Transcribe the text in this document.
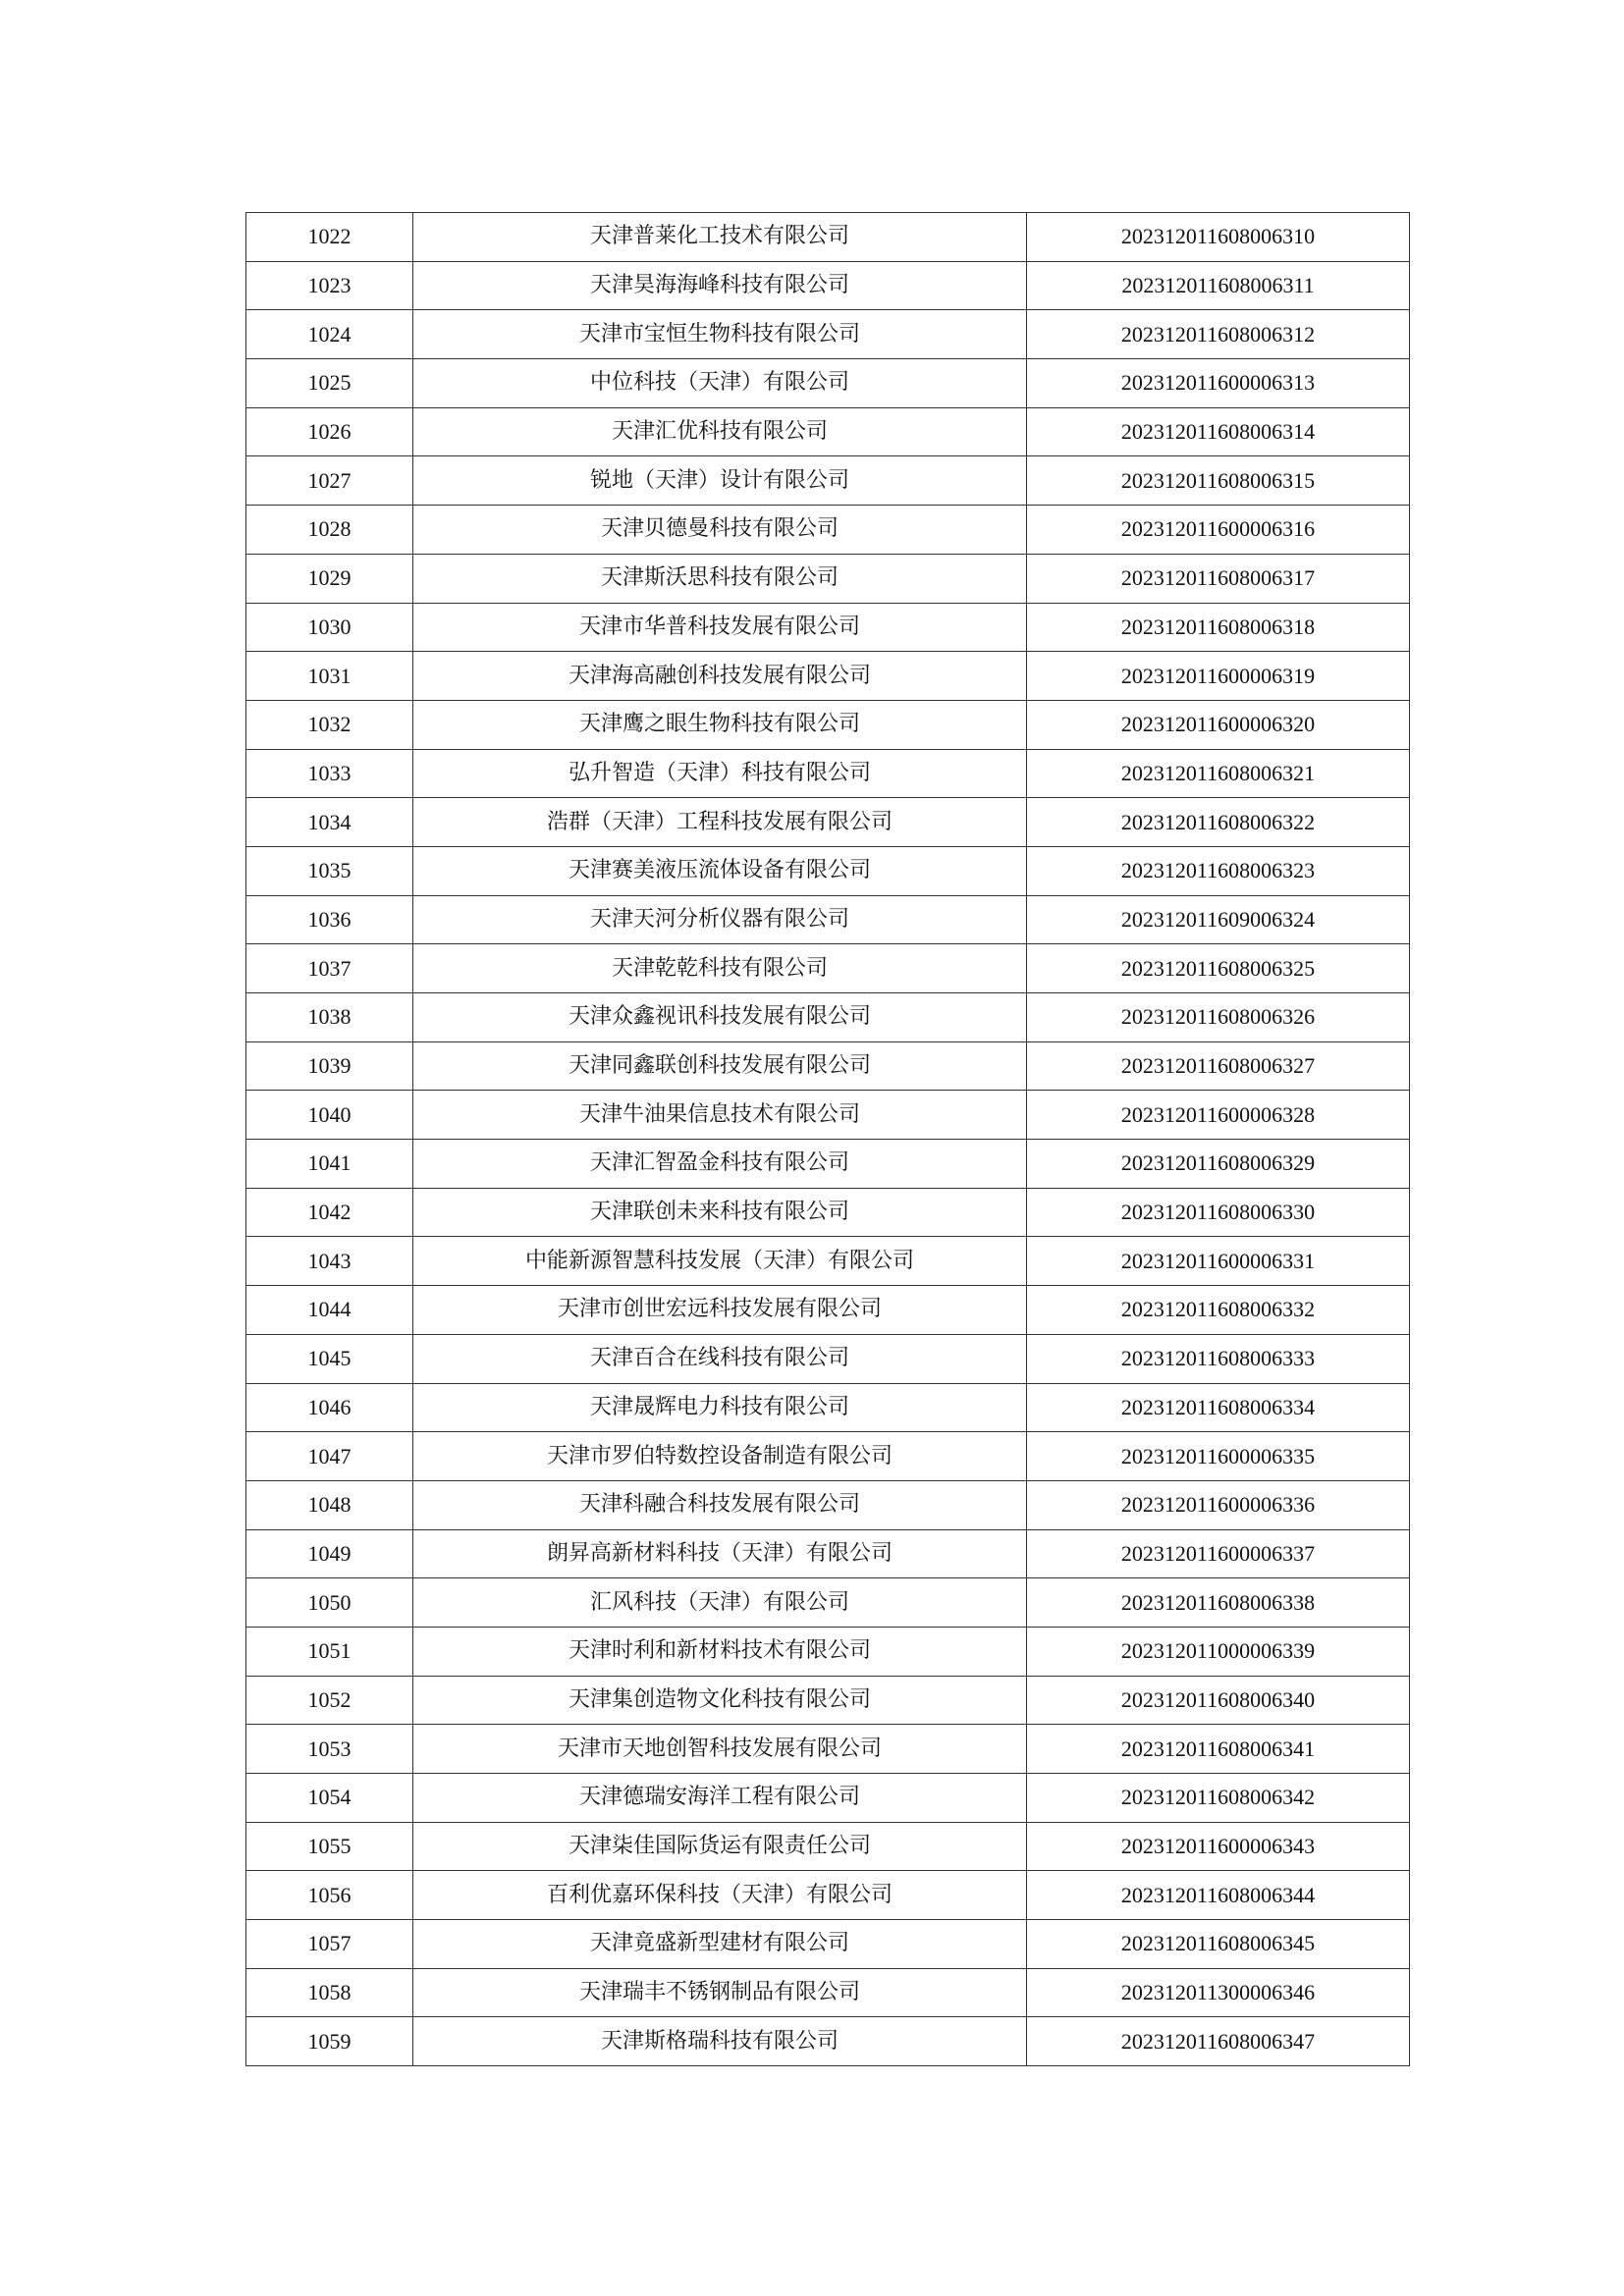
1022	天津普莱化工技术有限公司	202312011608006310
1023	天津昊海海峰科技有限公司	202312011608006311
1024	天津市宝恒生物科技有限公司	202312011608006312
1025	中位科技（天津）有限公司	202312011600006313
1026	天津汇优科技有限公司	202312011608006314
1027	锐地（天津）设计有限公司	202312011608006315
1028	天津贝德曼科技有限公司	202312011600006316
1029	天津斯沃思科技有限公司	202312011608006317
1030	天津市华普科技发展有限公司	202312011608006318
1031	天津海高融创科技发展有限公司	202312011600006319
1032	天津鹰之眼生物科技有限公司	202312011600006320
1033	弘升智造（天津）科技有限公司	202312011608006321
1034	浩群（天津）工程科技发展有限公司	202312011608006322
1035	天津赛美液压流体设备有限公司	202312011608006323
1036	天津天河分析仪器有限公司	202312011609006324
1037	天津乾乾科技有限公司	202312011608006325
1038	天津众鑫视讯科技发展有限公司	202312011608006326
1039	天津同鑫联创科技发展有限公司	202312011608006327
1040	天津牛油果信息技术有限公司	202312011600006328
1041	天津汇智盈金科技有限公司	202312011608006329
1042	天津联创未来科技有限公司	202312011608006330
1043	中能新源智慧科技发展（天津）有限公司	202312011600006331
1044	天津市创世宏远科技发展有限公司	202312011608006332
1045	天津百合在线科技有限公司	202312011608006333
1046	天津晟辉电力科技有限公司	202312011608006334
1047	天津市罗伯特数控设备制造有限公司	202312011600006335
1048	天津科融合科技发展有限公司	202312011600006336
1049	朗昇高新材料科技（天津）有限公司	202312011600006337
1050	汇风科技（天津）有限公司	202312011608006338
1051	天津时利和新材料技术有限公司	202312011000006339
1052	天津集创造物文化科技有限公司	202312011608006340
1053	天津市天地创智科技发展有限公司	202312011608006341
1054	天津德瑞安海洋工程有限公司	202312011608006342
1055	天津柒佳国际货运有限责任公司	202312011600006343
1056	百利优嘉环保科技（天津）有限公司	202312011608006344
1057	天津竟盛新型建材有限公司	202312011608006345
1058	天津瑞丰不锈钢制品有限公司	202312011300006346
1059	天津斯格瑞科技有限公司	202312011608006347
